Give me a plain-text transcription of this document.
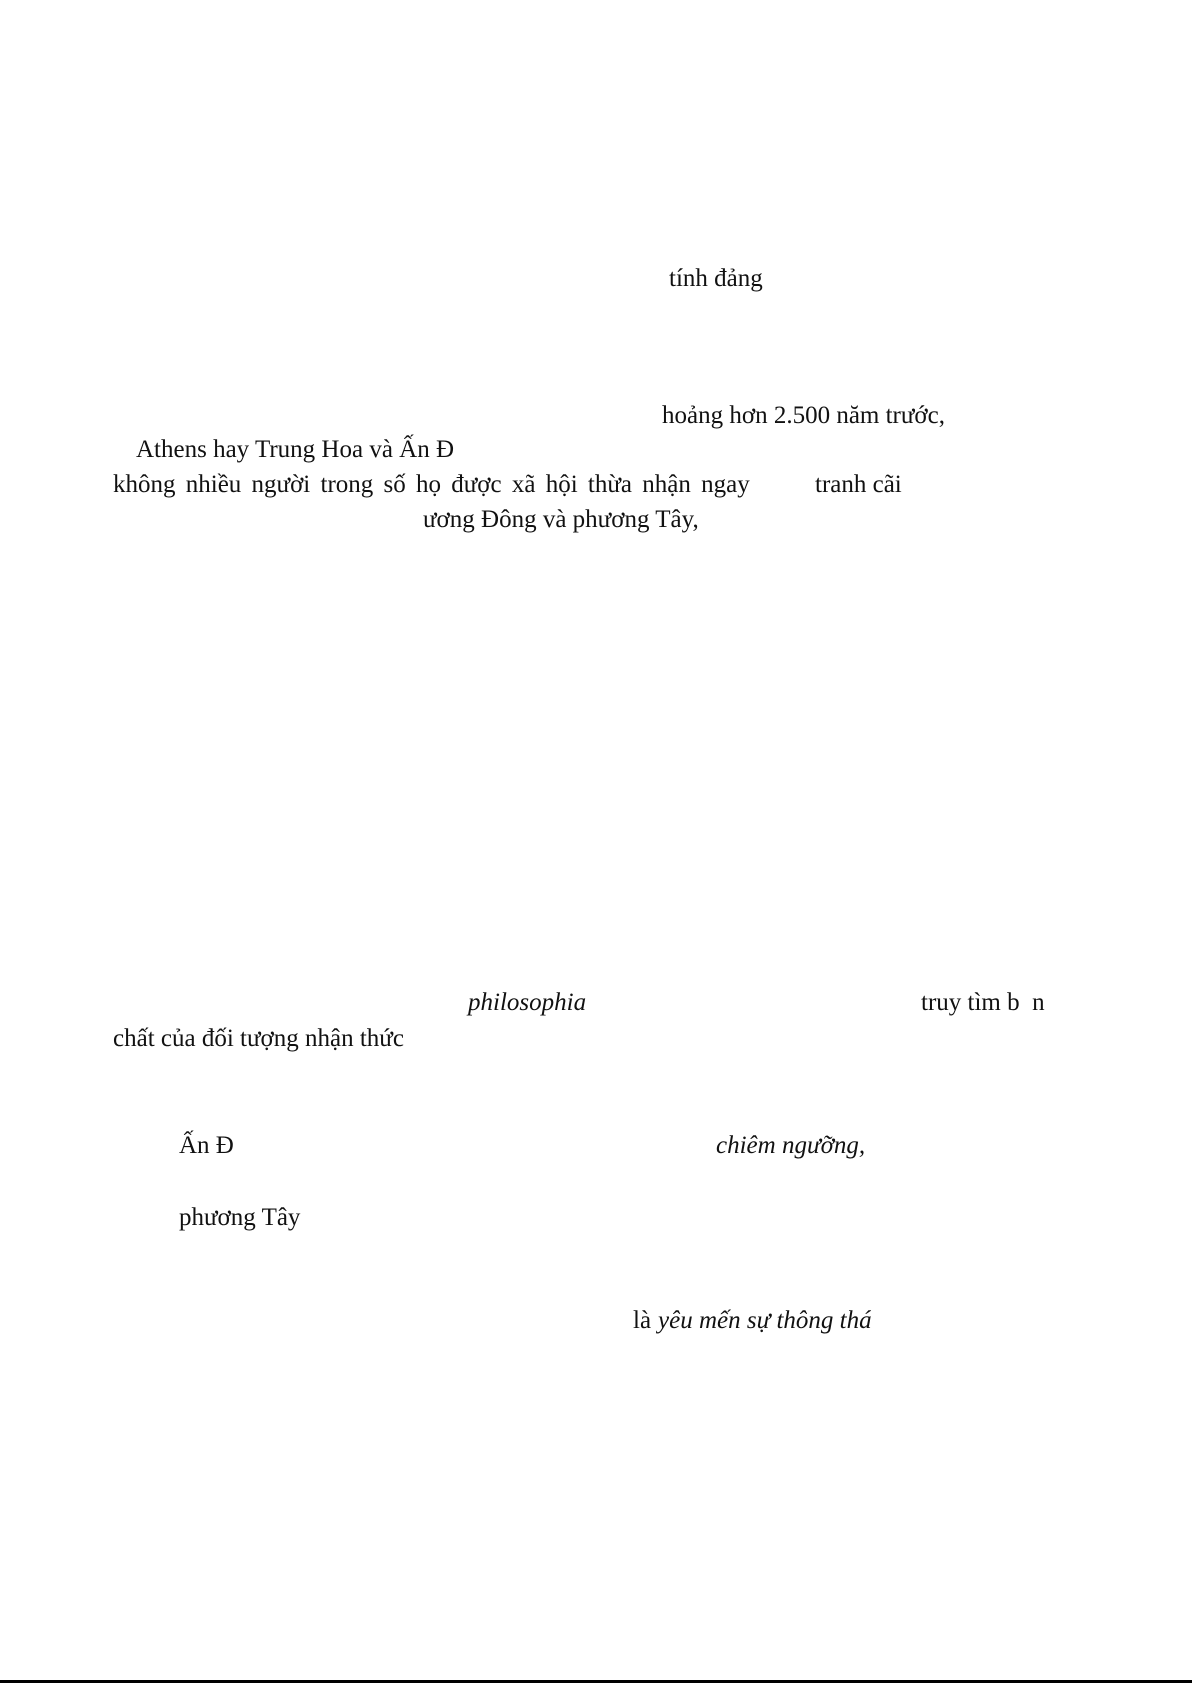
tính đảng
hoảng hơn 2.500 năm trước,
Athens hay Trung Hoa và Ấn Đ
không nhiều người trong số họ được xã hội thừa nhận ngay	tranh cãi
ương Đông và phương Tây,
philosophia	truy tìm b  n
chất của đối tượng nhận thức
Ấn Đ	chiêm ngưỡng,
phương Tây
là yêu mến sự thông thá
